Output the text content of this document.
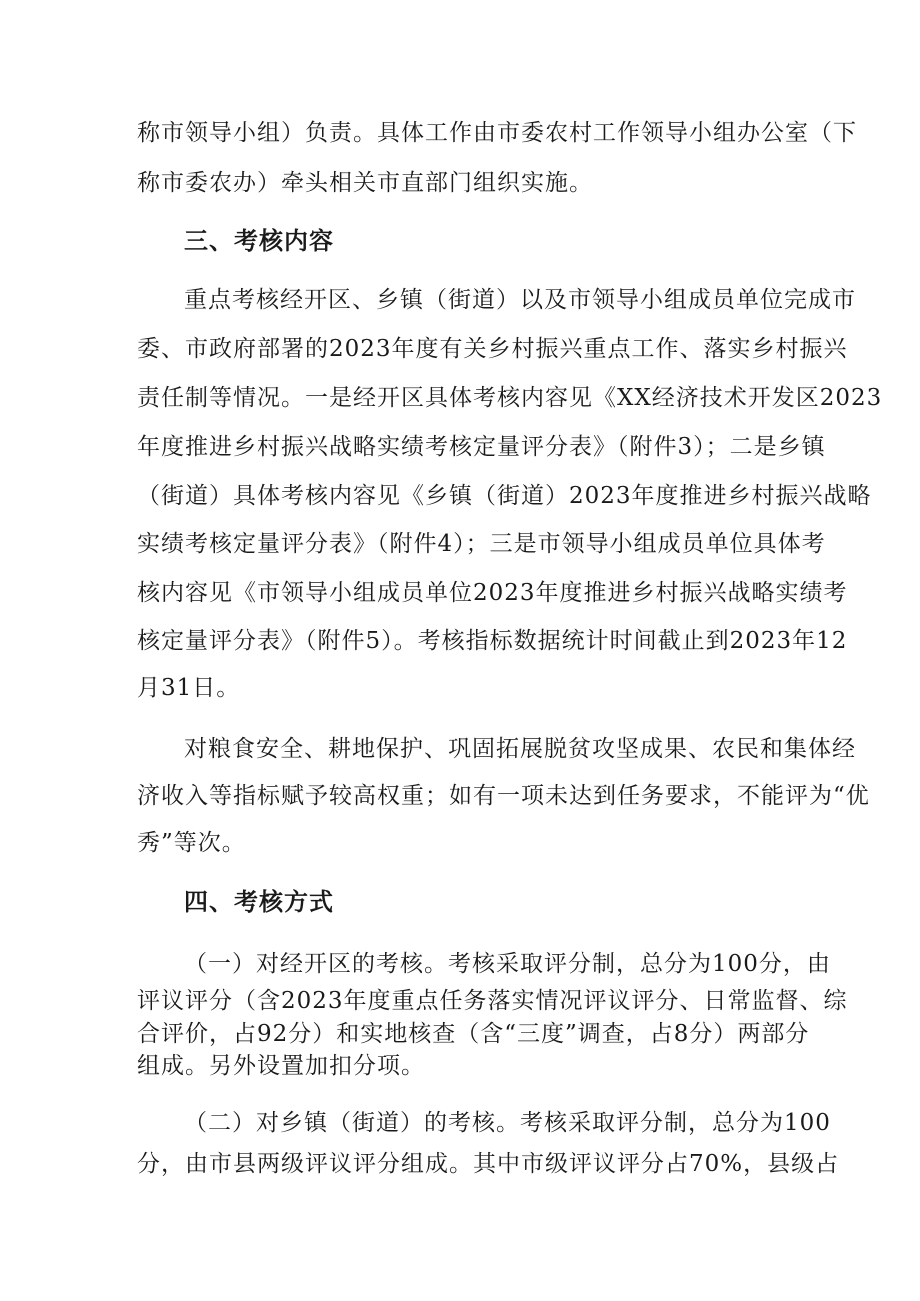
称市领导小组）负责。具体工作由市委农村工作领导小组办公室（下
称市委农办）牵头相关市直部门组织实施。
三、考核内容
重点考核经开区、乡镇（街道）以及市领导小组成员单位完成市
委、市政府部署的2023年度有关乡村振兴重点工作、落实乡村振兴
责任制等情况。一是经开区具体考核内容见《XX经济技术开发区2023
年度推进乡村振兴战略实绩考核定量评分表》（附件3）；二是乡镇
（街道）具体考核内容见《乡镇（街道）2023年度推进乡村振兴战略
实绩考核定量评分表》（附件4）；三是市领导小组成员单位具体考
核内容见《市领导小组成员单位2023年度推进乡村振兴战略实绩考
核定量评分表》（附件5）。考核指标数据统计时间截止到2023年12
月31日。
对粮食安全、耕地保护、巩固拓展脱贫攻坚成果、农民和集体经
济收入等指标赋予较高权重；如有一项未达到任务要求，不能评为“优
秀”等次。
四、考核方式
（一）对经开区的考核。考核采取评分制，总分为100分，由
评议评分（含2023年度重点任务落实情况评议评分、日常监督、综
合评价，占92分）和实地核查（含“三度”调查，占8分）两部分
组成。另外设置加扣分项。
（二）对乡镇（街道）的考核。考核采取评分制，总分为100
分，由市县两级评议评分组成。其中市级评议评分占70%，县级占
